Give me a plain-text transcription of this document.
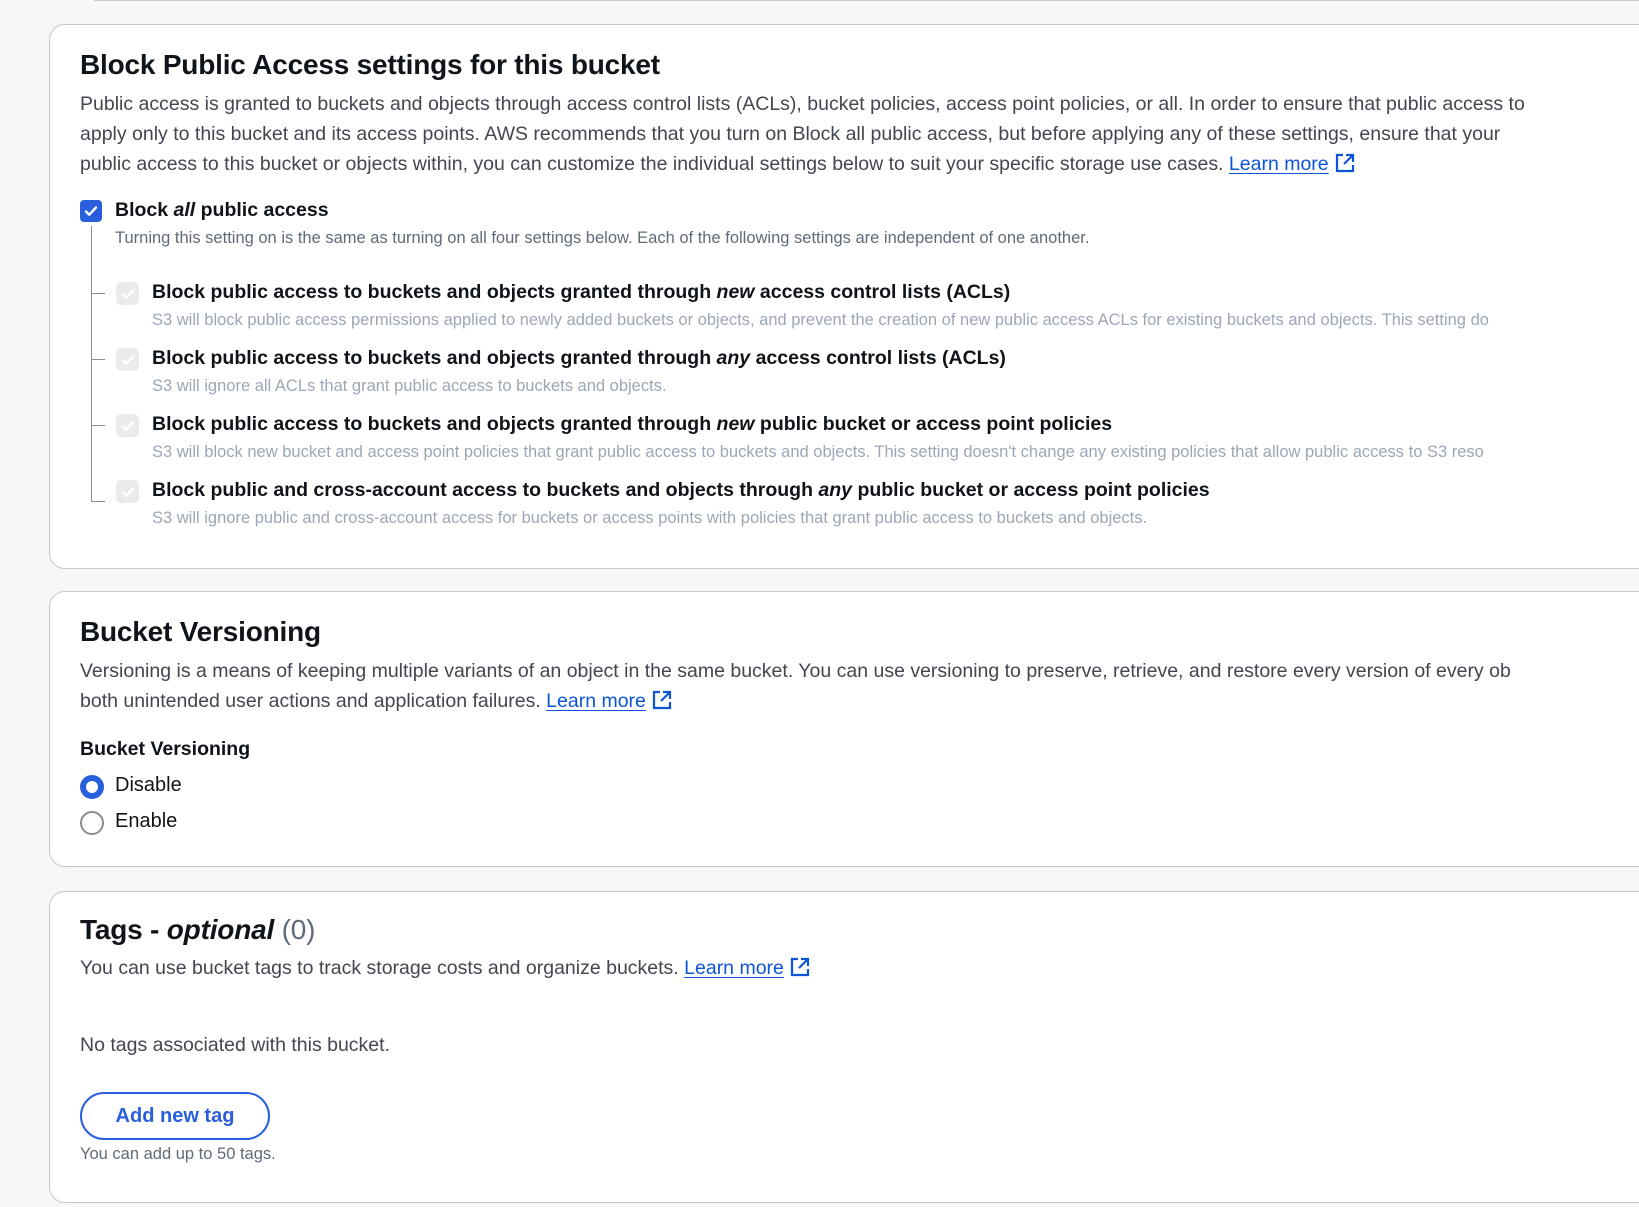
Block Public Access settings for this bucket
Public access is granted to buckets and objects through access control lists (ACLs), bucket policies, access point policies, or all. In order to ensure that public access to
apply only to this bucket and its access points. AWS recommends that you turn on Block all public access, but before applying any of these settings, ensure that your
public access to this bucket or objects within, you can customize the individual settings below to suit your specific storage use cases. Learn more
Block all public access
Turning this setting on is the same as turning on all four settings below. Each of the following settings are independent of one another.
Block public access to buckets and objects granted through new access control lists (ACLs)
S3 will block public access permissions applied to newly added buckets or objects, and prevent the creation of new public access ACLs for existing buckets and objects. This setting do
Block public access to buckets and objects granted through any access control lists (ACLs)
S3 will ignore all ACLs that grant public access to buckets and objects.
Block public access to buckets and objects granted through new public bucket or access point policies
S3 will block new bucket and access point policies that grant public access to buckets and objects. This setting doesn't change any existing policies that allow public access to S3 reso
Block public and cross-account access to buckets and objects through any public bucket or access point policies
S3 will ignore public and cross-account access for buckets or access points with policies that grant public access to buckets and objects.
Bucket Versioning
Versioning is a means of keeping multiple variants of an object in the same bucket. You can use versioning to preserve, retrieve, and restore every version of every ob
both unintended user actions and application failures. Learn more
Bucket Versioning
Disable
Enable
Tags - optional (0)
You can use bucket tags to track storage costs and organize buckets. Learn more
No tags associated with this bucket.
Add new tag
You can add up to 50 tags.
